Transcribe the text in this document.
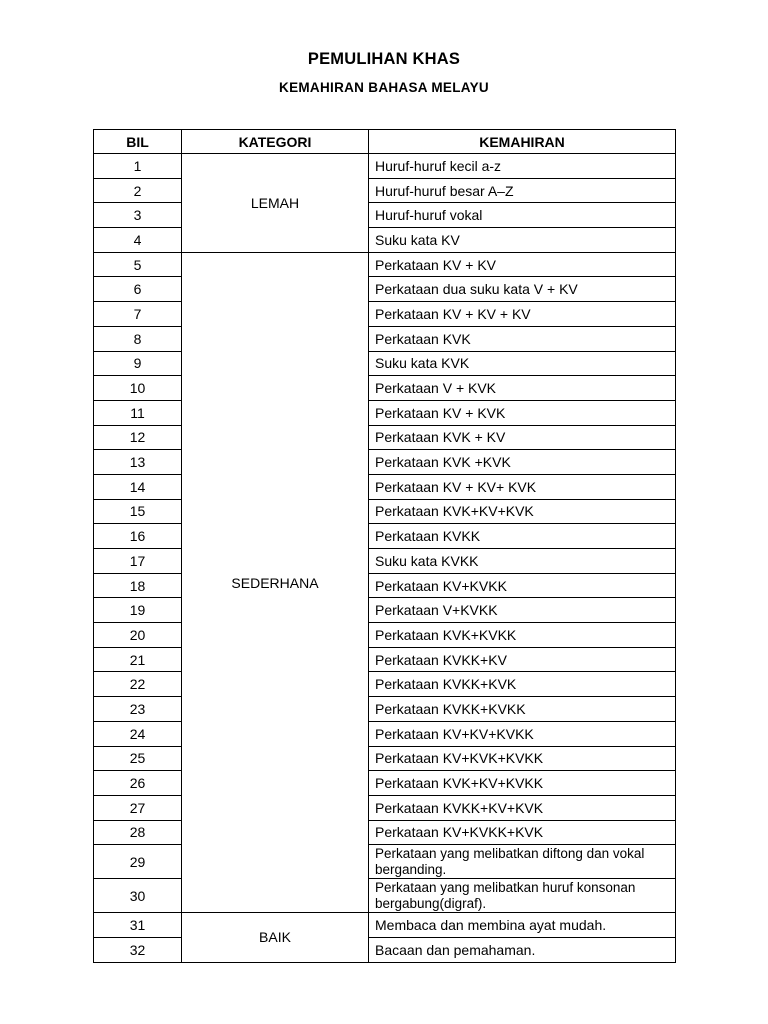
PEMULIHAN KHAS
KEMAHIRAN BAHASA MELAYU
BIL	KATEGORI	KEMAHIRAN
1	LEMAH	Huruf-huruf kecil a-z
2		Huruf-huruf besar A–Z
3		Huruf-huruf vokal
4		Suku kata KV
5	SEDERHANA	Perkataan KV + KV
6		Perkataan dua suku kata V + KV
7		Perkataan KV + KV + KV
8		Perkataan KVK
9		Suku kata KVK
10		Perkataan V + KVK
11		Perkataan KV + KVK
12		Perkataan KVK + KV
13		Perkataan KVK +KVK
14		Perkataan KV + KV+ KVK
15		Perkataan KVK+KV+KVK
16		Perkataan KVKK
17		Suku kata KVKK
18		Perkataan KV+KVKK
19		Perkataan V+KVKK
20		Perkataan KVK+KVKK
21		Perkataan KVKK+KV
22		Perkataan KVKK+KVK
23		Perkataan KVKK+KVKK
24		Perkataan KV+KV+KVKK
25		Perkataan KV+KVK+KVKK
26		Perkataan KVK+KV+KVKK
27		Perkataan KVKK+KV+KVK
28		Perkataan KV+KVKK+KVK
29		Perkataan yang melibatkan diftong dan vokal berganding.
30		Perkataan yang melibatkan huruf konsonan bergabung(digraf).
31	BAIK	Membaca dan membina ayat mudah.
32		Bacaan dan pemahaman.
